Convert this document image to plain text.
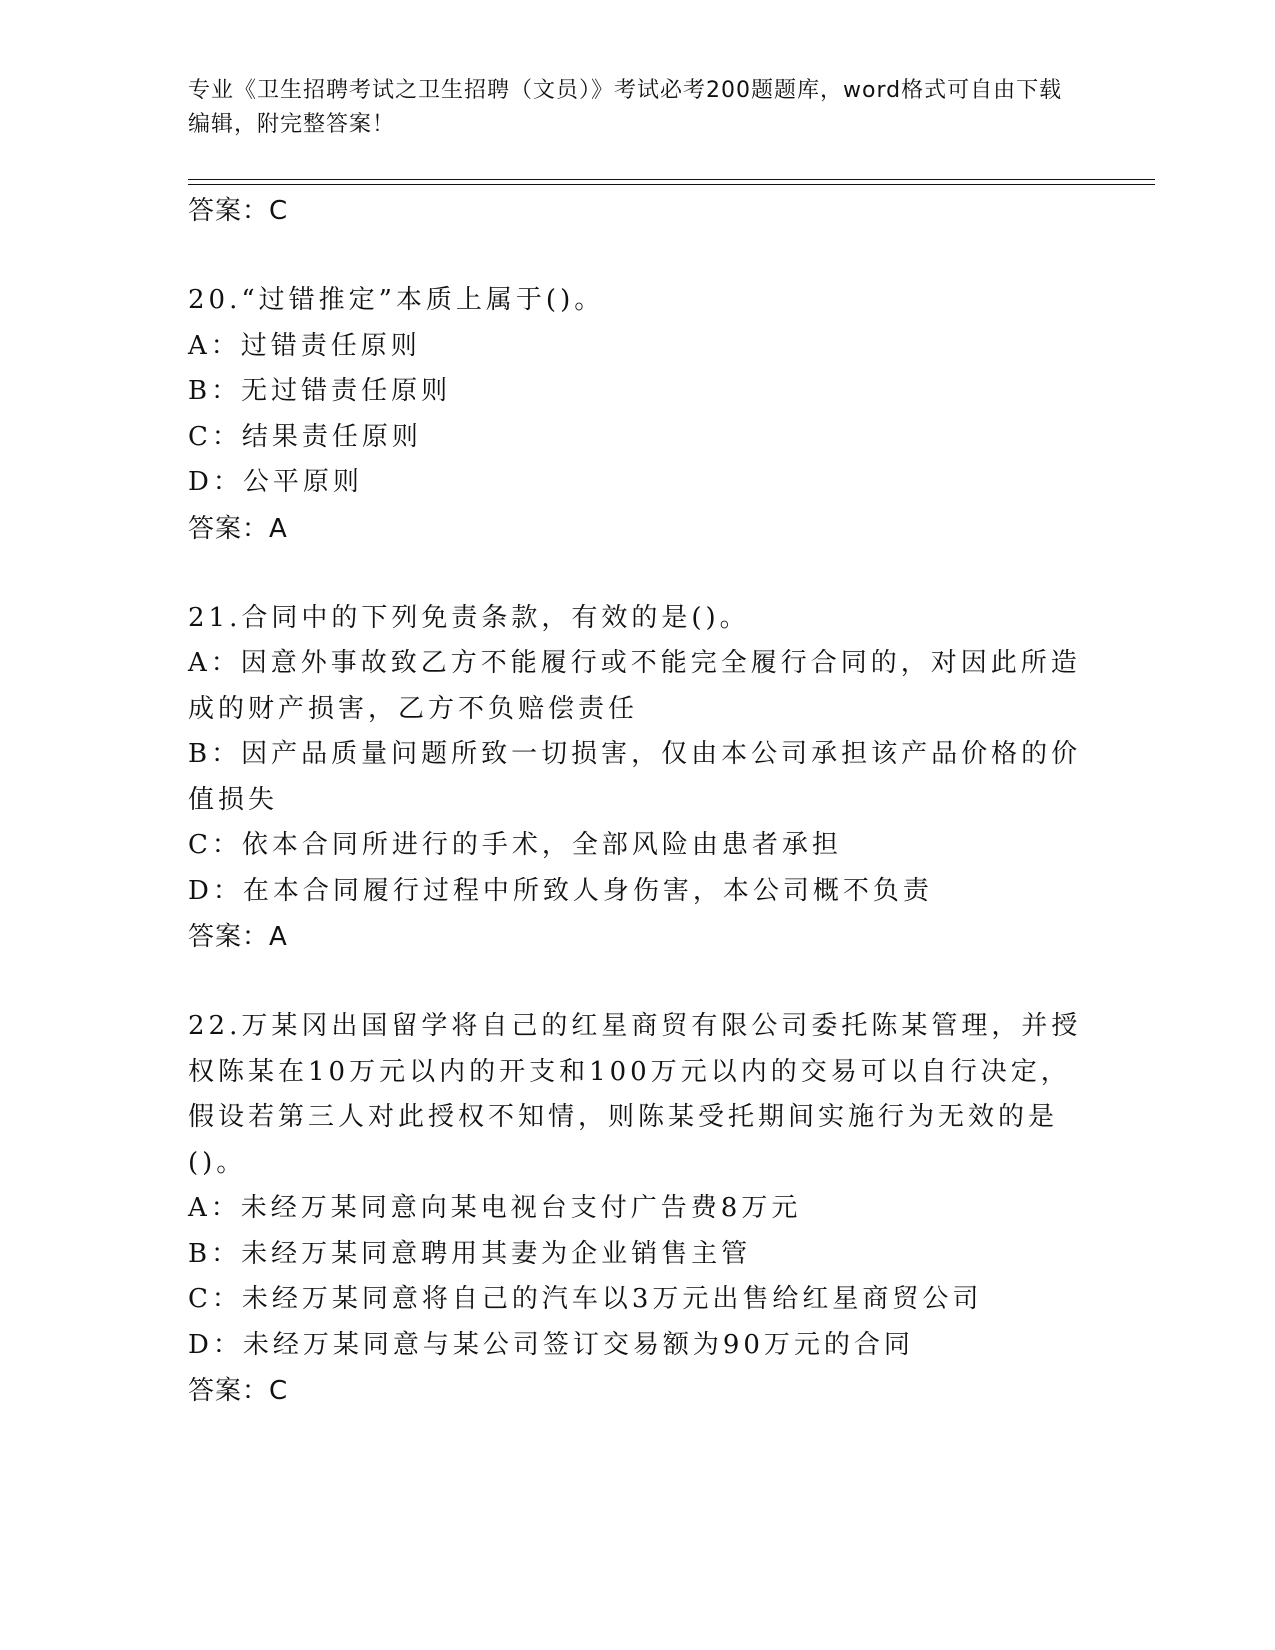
专业《卫生招聘考试之卫生招聘（文员）》考试必考200题题库，word格式可自由下载编辑，附完整答案！
答案：C
20.“过错推定”本质上属于()。
A：过错责任原则
B：无过错责任原则
C：结果责任原则
D：公平原则
答案：A
21.合同中的下列免责条款，有效的是()。
A：因意外事故致乙方不能履行或不能完全履行合同的，对因此所造成的财产损害，乙方不负赔偿责任
B：因产品质量问题所致一切损害，仅由本公司承担该产品价格的价值损失
C：依本合同所进行的手术，全部风险由患者承担
D：在本合同履行过程中所致人身伤害，本公司概不负责
答案：A
22.万某冈出国留学将自己的红星商贸有限公司委托陈某管理，并授权陈某在10万元以内的开支和100万元以内的交易可以自行决定，假设若第三人对此授权不知情，则陈某受托期间实施行为无效的是()。
A：未经万某同意向某电视台支付广告费8万元
B：未经万某同意聘用其妻为企业销售主管
C：未经万某同意将自己的汽车以3万元出售给红星商贸公司
D：未经万某同意与某公司签订交易额为90万元的合同
答案：C
